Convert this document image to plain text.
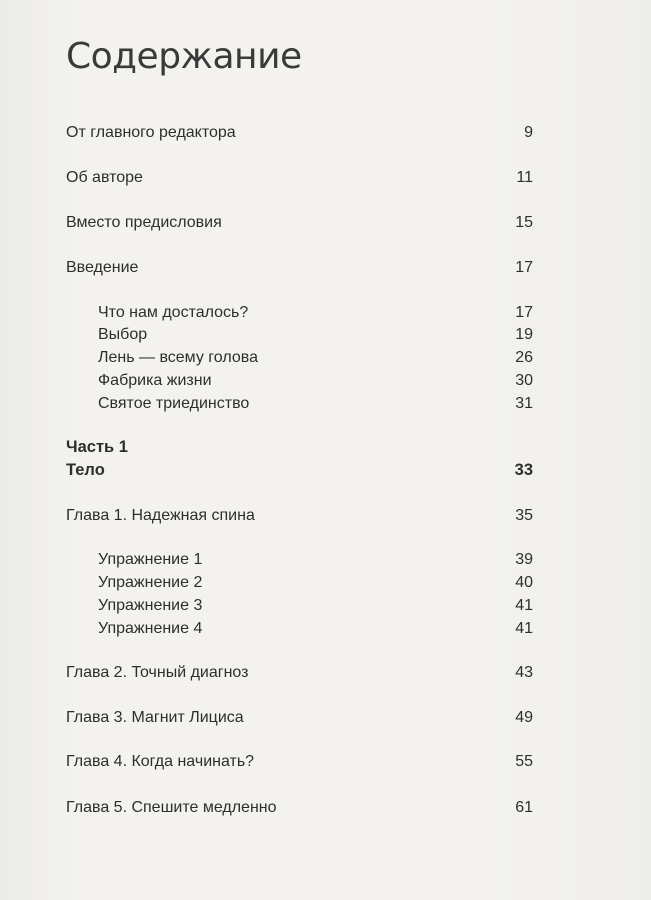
Содержание
От главного редактора	9
Об авторе	11
Вместо предисловия	15
Введение	17
Что нам досталось?	17
Выбор	19
Лень — всему голова	26
Фабрика жизни	30
Святое триединство	31
Часть 1
Тело	33
Глава 1. Надежная спина	35
Упражнение 1	39
Упражнение 2	40
Упражнение 3	41
Упражнение 4	41
Глава 2. Точный диагноз	43
Глава 3. Магнит Лициса	49
Глава 4. Когда начинать?	55
Глава 5. Спешите медленно	61
